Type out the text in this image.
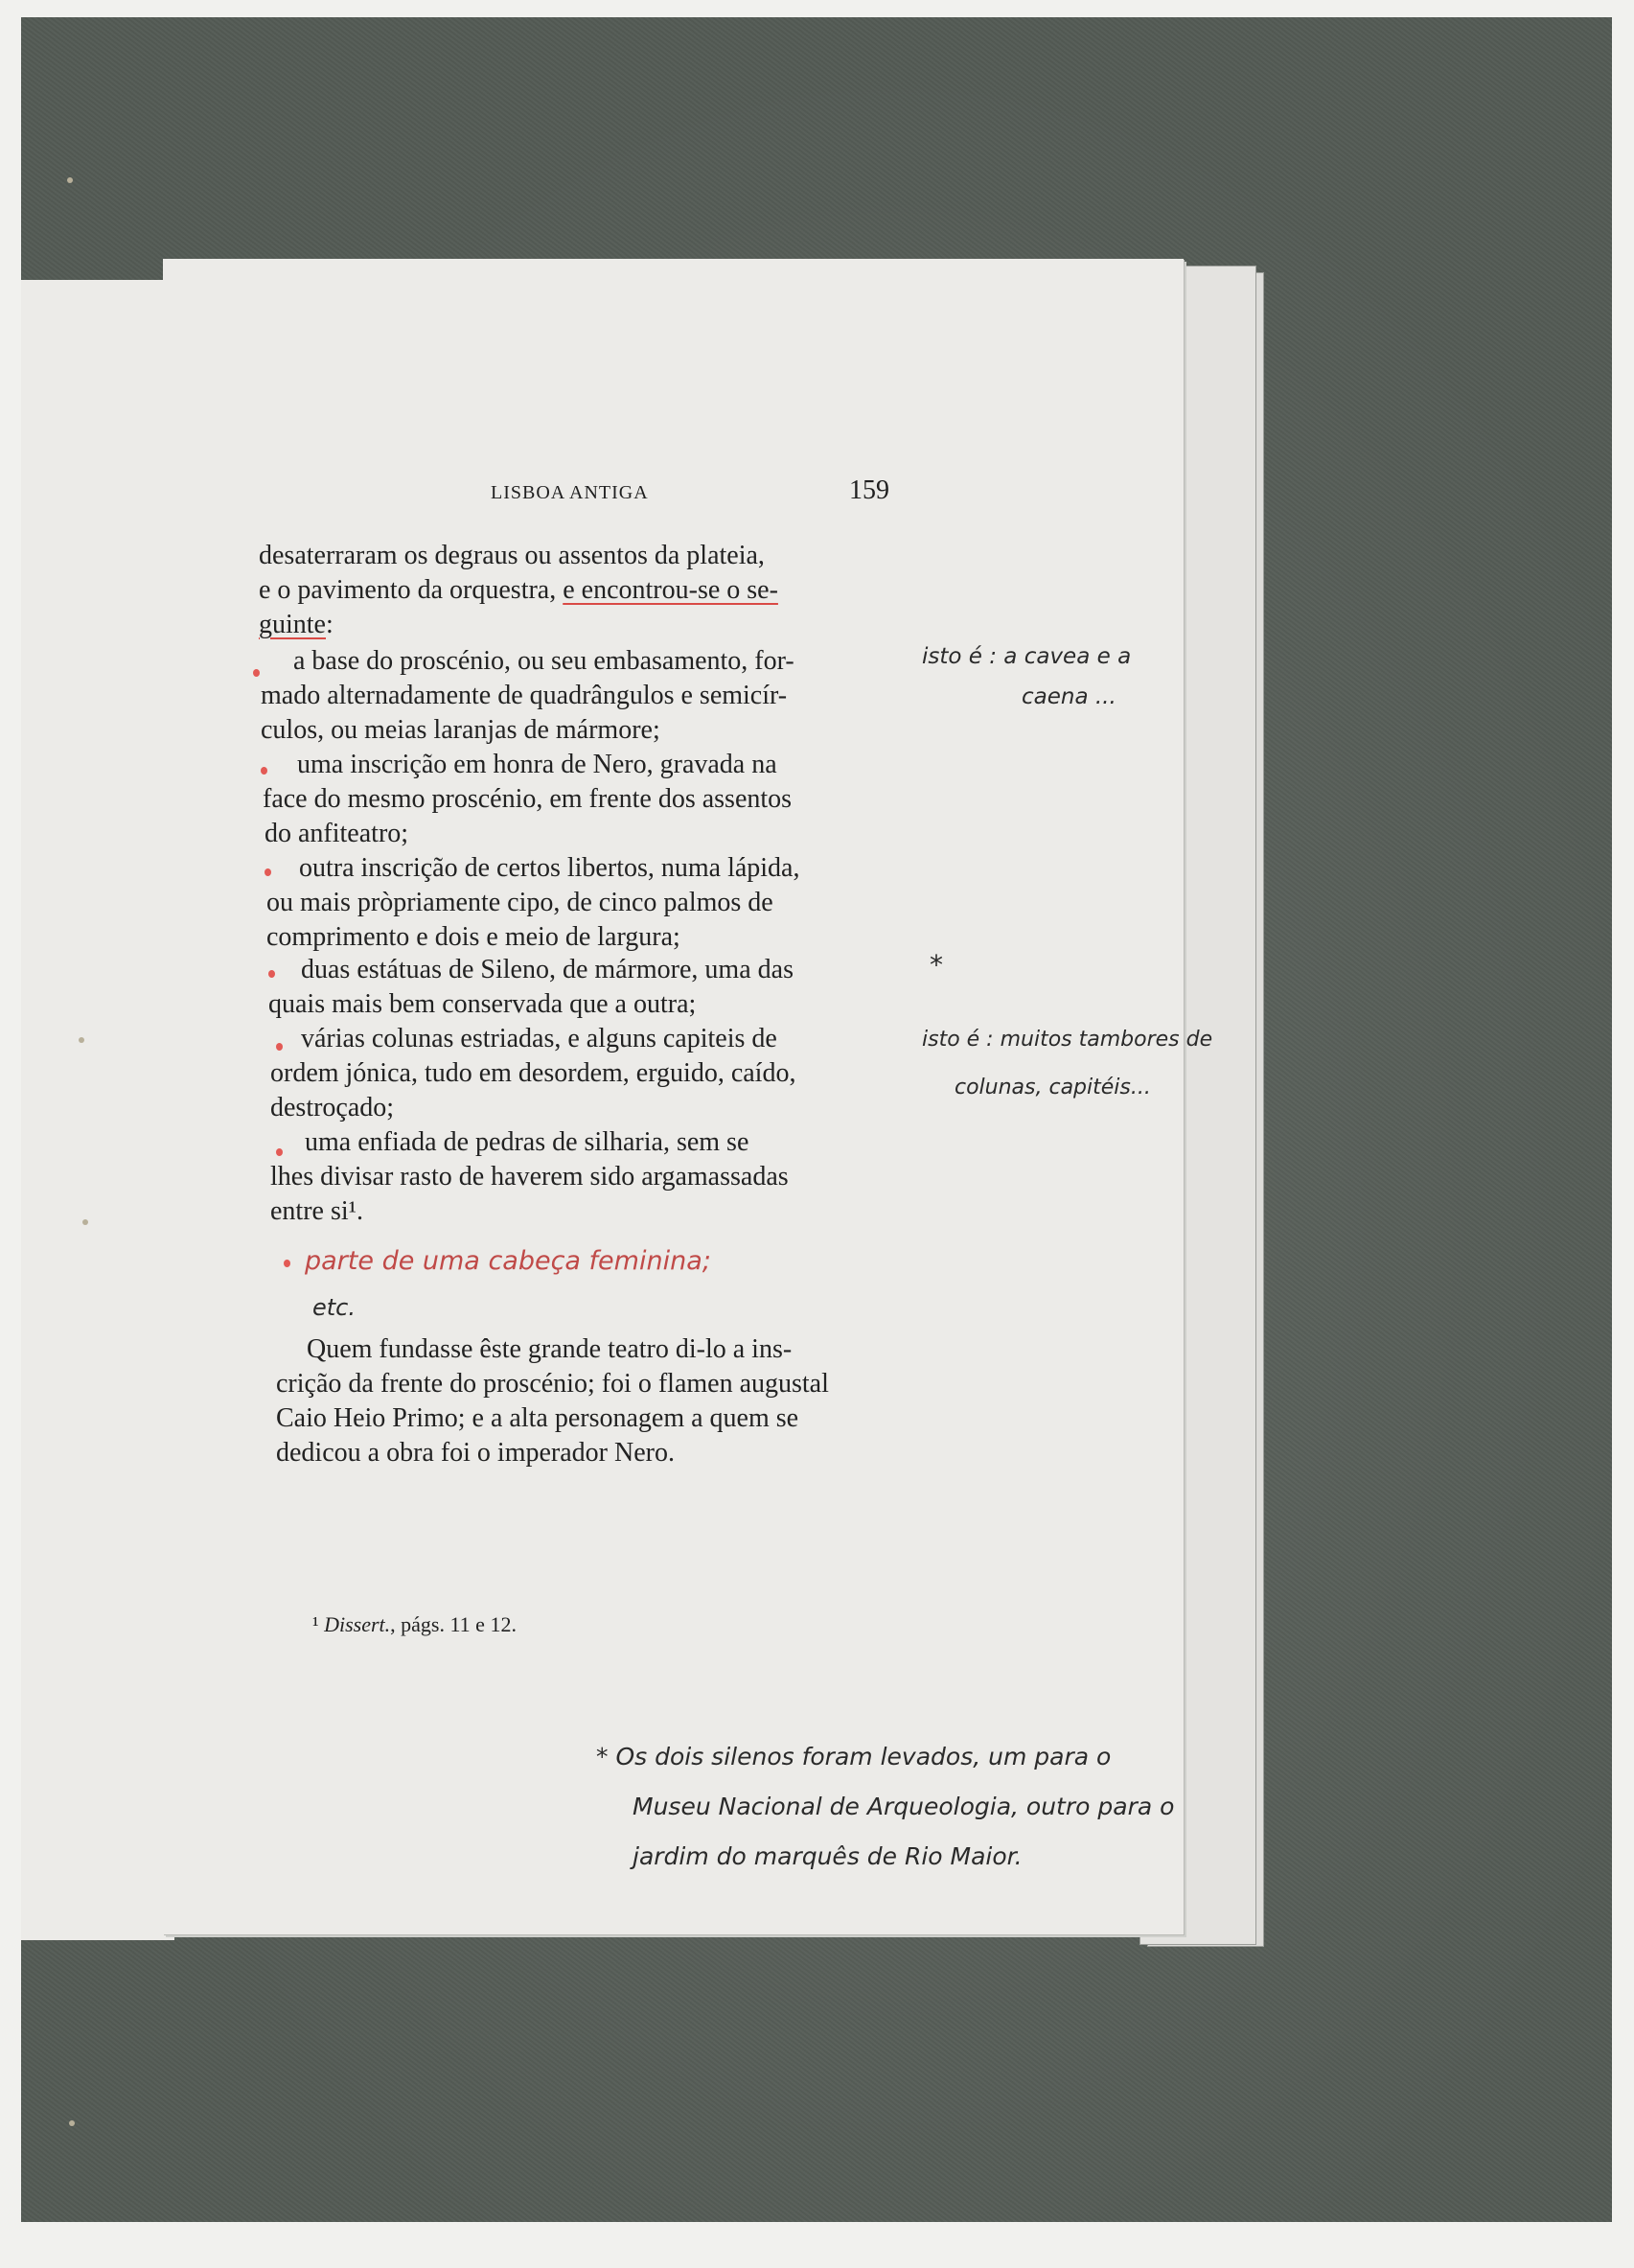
LISBOA ANTIGA	159
desaterraram os degraus ou assentos da plateia,
e o pavimento da orquestra, e encontrou-se o se-
guinte:
a base do proscénio, ou seu embasamento, for-
mado alternadamente de quadrângulos e semicír-
culos, ou meias laranjas de mármore;
uma inscrição em honra de Nero, gravada na
face do mesmo proscénio, em frente dos assentos
do anfiteatro;
outra inscrição de certos libertos, numa lápida,
ou mais pròpriamente cipo, de cinco palmos de
comprimento e dois e meio de largura;
duas estátuas de Sileno, de mármore, uma das
quais mais bem conservada que a outra;
várias colunas estriadas, e alguns capiteis de
ordem jónica, tudo em desordem, erguido, caído,
destroçado;
uma enfiada de pedras de silharia, sem se
lhes divisar rasto de haverem sido argamassadas
entre si¹.
parte de uma cabeça feminina;
etc.
Quem fundasse êste grande teatro di-lo a ins-
crição da frente do proscénio; foi o flamen augustal
Caio Heio Primo; e a alta personagem a quem se
dedicou a obra foi o imperador Nero.
¹ Dissert., págs. 11 e 12.
isto é : a cavea e a
caena ...
*
isto é : muitos tambores de
colunas, capitéis...
* Os dois silenos foram levados, um para o
Museu Nacional de Arqueologia, outro para o
jardim do marquês de Rio Maior.
